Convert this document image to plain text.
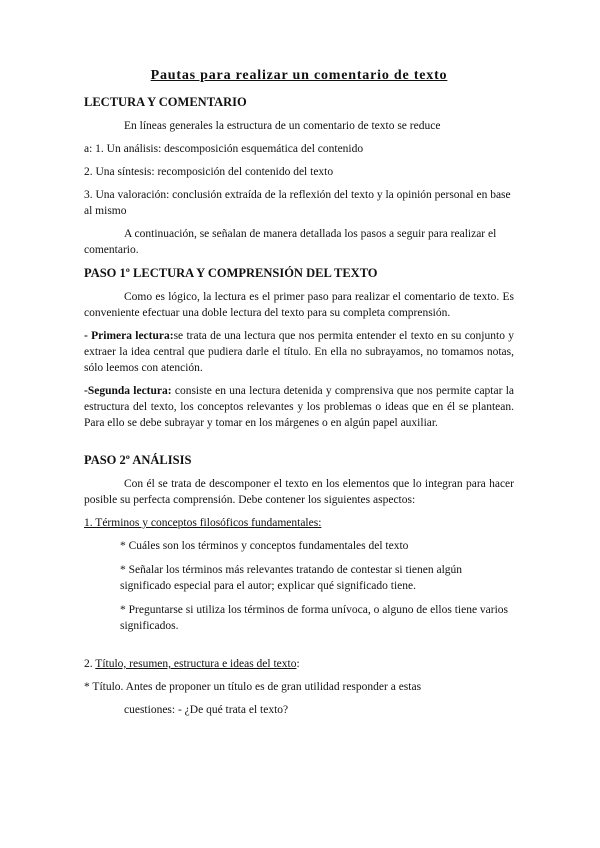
Pautas para realizar un comentario de texto
LECTURA Y COMENTARIO

En líneas generales la estructura de un comentario de texto se reduce

a: 1. Un análisis: descomposición esquemática del contenido

2. Una síntesis: recomposición del contenido del texto

3. Una valoración: conclusión extraída de la reflexión del texto y la opinión personal en base al mismo

A continuación, se señalan de manera detallada los pasos a seguir para realizar el comentario.

PASO 1º LECTURA Y COMPRENSIÓN DEL TEXTO

Como es lógico, la lectura es el primer paso para realizar el comentario de texto. Es conveniente efectuar una doble lectura del texto para su completa comprensión.

- Primera lectura:se trata de una lectura que nos permita entender el texto en su conjunto y extraer la idea central que pudiera darle el título. En ella no subrayamos, no tomamos notas, sólo leemos con atención.

-Segunda lectura: consiste en una lectura detenida y comprensiva que nos permite captar la estructura del texto, los conceptos relevantes y los problemas o ideas que en él se plantean. Para ello se debe subrayar y tomar en los márgenes o en algún papel auxiliar.

PASO 2º ANÁLISIS

Con él se trata de descomponer el texto en los elementos que lo integran para hacer posible su perfecta comprensión. Debe contener los siguientes aspectos:

1. Términos y conceptos filosóficos fundamentales:

* Cuáles son los términos y conceptos fundamentales del texto

* Señalar los términos más relevantes tratando de contestar si tienen algún significado especial para el autor; explicar qué significado tiene.

* Preguntarse si utiliza los términos de forma unívoca, o alguno de ellos tiene varios significados.

2. Título, resumen, estructura e ideas del texto:

* Título. Antes de proponer un título es de gran utilidad responder a estas

cuestiones: - ¿De qué trata el texto?
